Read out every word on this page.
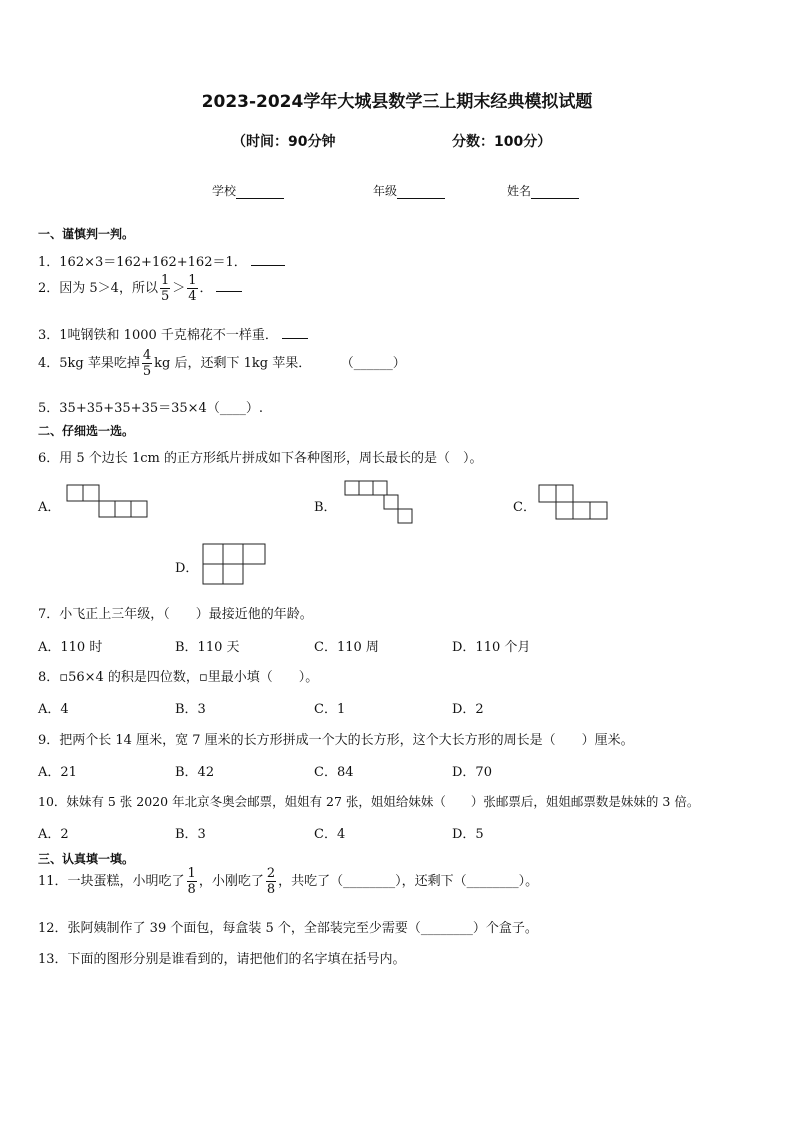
2023-2024学年大城县数学三上期末经典模拟试题
（时间：90分钟	分数：100分）
学校	年级	姓名
一、谨慎判一判。
1．162×3＝162+162+162＝1．
2．因为 5＞4，所以 $\frac{1}{5} > \frac{1}{4}$ ．
3．1吨钢铁和 1000 千克棉花不一样重．
4．5kg 苹果吃掉 $\frac{4}{5}$ kg 后，还剩下 1kg 苹果．	（______）
5．35+35+35+35＝35×4（____）.
二、仔细选一选。
6．用 5 个边长 1cm 的正方形纸片拼成如下各种图形，周长最长的是（　）。
A．	B．	C．
D．
7．小飞正上三年级，（　　）最接近他的年龄。
A．110 时	B．110 天	C．110 周	D．110 个月
8．▫56×4 的积是四位数，▫里最小填（　　）。
A．4	B．3	C．1	D．2
9．把两个长 14 厘米，宽 7 厘米的长方形拼成一个大的长方形，这个大长方形的周长是（　　）厘米。
A．21	B．42	C．84	D．70
10．妹妹有 5 张 2020 年北京冬奥会邮票，姐姐有 27 张，姐姐给妹妹（　　）张邮票后，姐姐邮票数是妹妹的 3 倍。
A．2	B．3	C．4	D．5
三、认真填一填。
11．一块蛋糕，小明吃了 $\frac{1}{8}$ ，小刚吃了 $\frac{2}{8}$ ，共吃了（________），还剩下（________）。
12．张阿姨制作了 39 个面包，每盒装 5 个，全部装完至少需要（________）个盒子。
13．下面的图形分别是谁看到的，请把他们的名字填在括号内。
